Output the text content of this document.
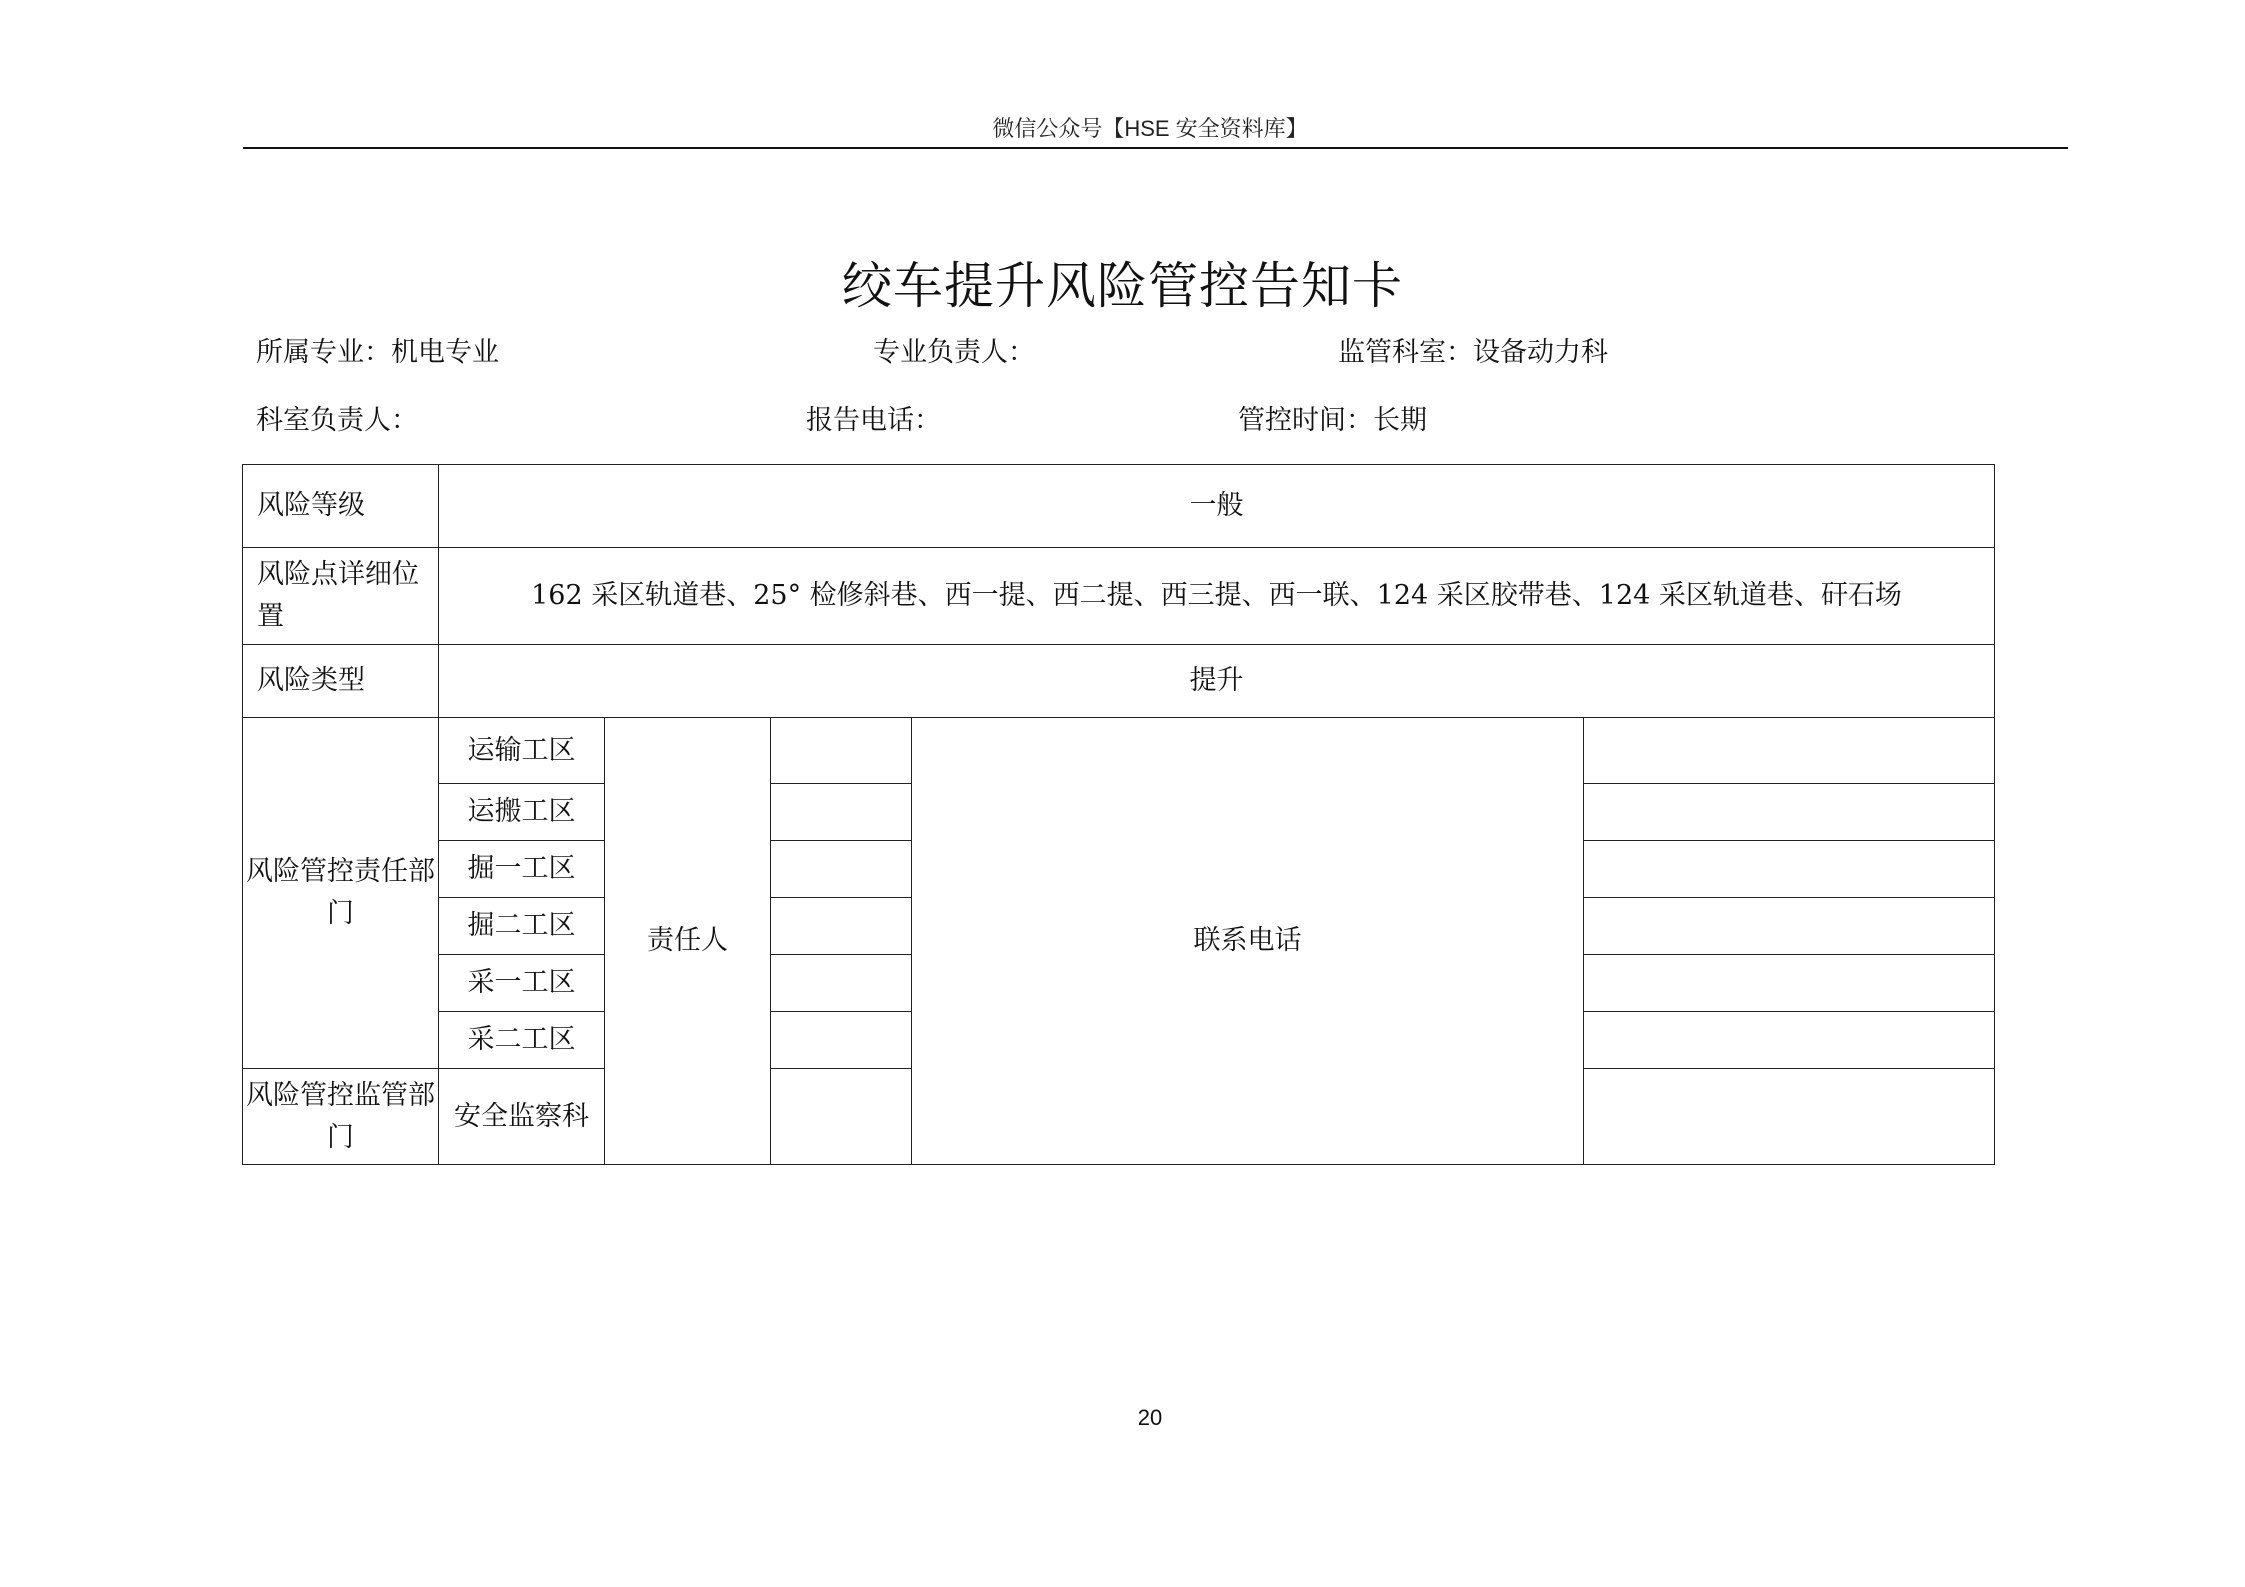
微信公众号【HSE 安全资料库】
绞车提升风险管控告知卡
所属专业：机电专业	专业负责人：	监管科室：设备动力科
科室负责人：	报告电话：	管控时间：长期
风险等级	一般				
风险点详细位置	162 采区轨道巷、25° 检修斜巷、西一提、西二提、西三提、西一联、124 采区胶带巷、124 采区轨道巷、矸石场				
风险类型	提升				
风险管控责任部门	运输工区	责任人		联系电话	
	运搬工区				
	掘一工区				
	掘二工区				
	采一工区				
	采二工区				
风险管控监管部门	安全监察科				
20
